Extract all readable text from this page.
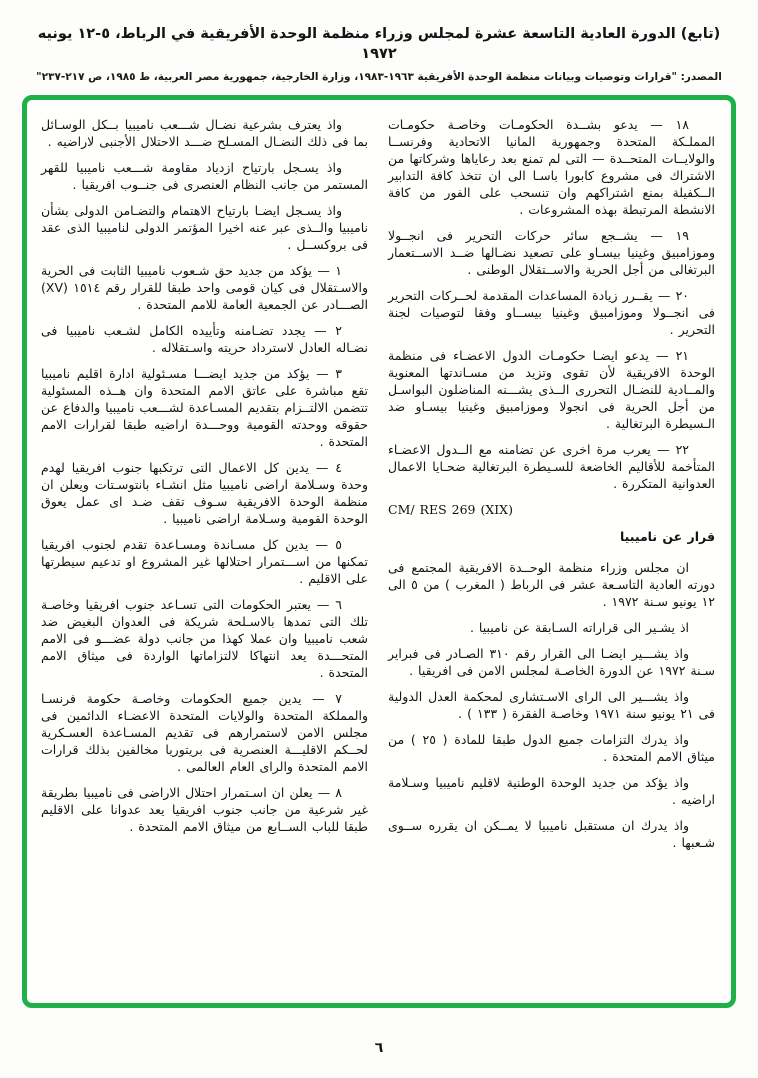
(تابع) الدورة العادية التاسعة عشرة لمجلس وزراء منظمة الوحدة الأفريقية في الرباط، ٥-١٢ يونيه ١٩٧٢
المصدر: "قرارات وتوصيات وبيانات منظمة الوحدة الأفريقية ١٩٦٣-١٩٨٣، وزارة الخارجية، جمهورية مصر العربية، ط ١٩٨٥، ص ٢١٧-٢٣٧"

١٨ — يدعو بشــدة الحكومـات وخاصـة حكومـات المملـكة المتحدة وجمهورية المانيا الاتحادية وفرنســا والولايــات المتحــدة — التى لم تمنع بعد رعاياها وشركاتها من الاشتراك فى مشروع كابورا باسـا الى ان تتخذ كافة التدابير الــكفيلة بمنع اشتراكهم وان تنسحب على الفور من كافة الانشطة المرتبطة بهذه المشروعات .

١٩ — يشــجع سائر حركات التحرير فى انجــولا وموزامبيق وغينيا بيسـاو على تصعيد نضـالها ضــد الاســتعمار البرتغالى من أجل الحرية والاســتقلال الوطنى .

٢٠ — يقــرر زيادة المساعدات المقدمة لحــركات التحرير فى انجــولا وموزامبيق وغينيا بيســاو وفقا لتوصيات لجنة التحرير .

٢١ — يدعو ايضـا حكومـات الدول الاعضـاء فى منظمة الوحدة الافريقية لأن تقوى وتزيد من مسـاندتها المعنوية والمــادية للنضـال التحررى الــذى يشـــنه المناضلون البواسـل من أجل الحرية فى انجولا وموزامبيق وغينيا بيسـاو ضد الـسيطرة البرتغالية .

٢٢ — يعرب مرة اخرى عن تضامنه مع الــدول الاعضـاء المتأخمة للأقاليم الخاضعة للسـيطرة البرتغالية ضحـايا الاعمال العدوانية المتكررة .

CM/ RES 269 (XIX)

قرار عن ناميبيا

ان مجلس وزراء منظمة الوحــدة الافريقية المجتمع فى دورته العادية التاسـعة عشر فى الرباط ( المغرب ) من ٥ الى ١٢ يونيو سـنة ١٩٧٢ .

اذ يشـير الى قراراته السـابقة عن ناميبيا .

واذ يشـــير ايضـا الى القرار رقم ٣١٠ الصـادر فى فبراير سـنة ١٩٧٢ عن الدورة الخاصـة لمجلس الامن فى افريقيا .

واذ يشـــير الى الراى الاسـتشارى لمحكمة العدل الدولية فى ٢١ يونيو سنة ١٩٧١ وخاصـة الفقرة ( ١٣٣ ) .

واذ يدرك التزامات جميع الدول طبقا للمادة ( ٢٥ ) من ميثاق الامم المتحدة .

واذ يؤكد من جديد الوحدة الوطنية لاقليم ناميبيا وسـلامة اراضيه .

واذ يدرك ان مستقبل ناميبيا لا يمــكن ان يقرره ســوى شـعبها .

واذ يعترف بشرعية نضـال شـــعب ناميبيا بــكل الوسـائل بما فى ذلك النضـال المسـلح ضـــد الاحتلال الأجنبى لاراضيه .

واذ يسـجل بارتياح ازدياد مقاومة شـــعب ناميبيا للقهر المستمر من جانب النظام العنصرى فى جنــوب افريقيا .

واذ يسـجل ايضـا بارتياح الاهتمام والتضـامن الدولى بشأن ناميبيا والــذى عبر عنه اخيرا المؤتمر الدولى لناميبيا الذى عقد فى بروكســل .

١ — يؤكد من جديد حق شـعوب ناميبيا الثابت فى الحرية والاسـتقلال فى كيان قومى واحد طبقا للقرار رقم ١٥١٤ (XV) الصـــادر عن الجمعية العامة للامم المتحدة .

٢ — يجدد تضـامنه وتأييده الكامل لشـعب ناميبيا فى نضـاله العادل لاسترداد حريته واسـتقلاله .

٣ — يؤكد من جديد ايضـــا مسـئولية ادارة اقليم ناميبيا تقع مباشرة على عاتق الامم المتحدة وان هــذه المسئولية تتضمن الالتــزام بتقديم المسـاعدة لشـــعب ناميبيا والدفاع عن حقوقه ووحدته القومية ووحـــدة اراضيه طبقا لقرارات الامم المتحدة .

٤ — يدين كل الاعمال التى ترتكبها جنوب افريقيا لهدم وحدة وسـلامة اراضى ناميبيا مثل انشـاء بانتوسـتات ويعلن ان منظمة الوحدة الافريقية سـوف تقف ضـد اى عمل يعوق الوحدة القومية وسـلامة اراضى ناميبيا .

٥ — يدين كل مسـاندة ومسـاعدة تقدم لجنوب افريقيا تمكنها من اســـتمرار احتلالها غير المشروع او تدعيم سيطرتها على الاقليم .

٦ — يعتبر الحكومات التى تسـاعد جنوب افريقيا وخاصـة تلك التى تمدها بالاسـلحة شريكة فى العدوان البغيض ضد شعب ناميبيا وان عملا كهذا من جانب دولة عضـــو فى الامم المتحـــدة يعد انتهاكا لالتزاماتها الواردة فى ميثاق الامم المتحدة .

٧ — يدين جميع الحكومات وخاصـة حكومة فرنسـا والمملكة المتحدة والولايات المتحدة الاعضـاء الدائمين فى مجلس الامن لاستمرارهم فى تقديم المسـاعدة العسـكرية لحــكم الاقليـــة العنصرية فى بريتوريا مخالفين بذلك قرارات الامم المتحدة والراى العام العالمى .

٨ — يعلن ان اسـتمرار احتلال الاراضى فى ناميبيا بطريقة غير شرعية من جانب جنوب افريقيا يعد عدوانا على الاقليم طبقا للباب الســابع من ميثاق الامم المتحدة .

٦
